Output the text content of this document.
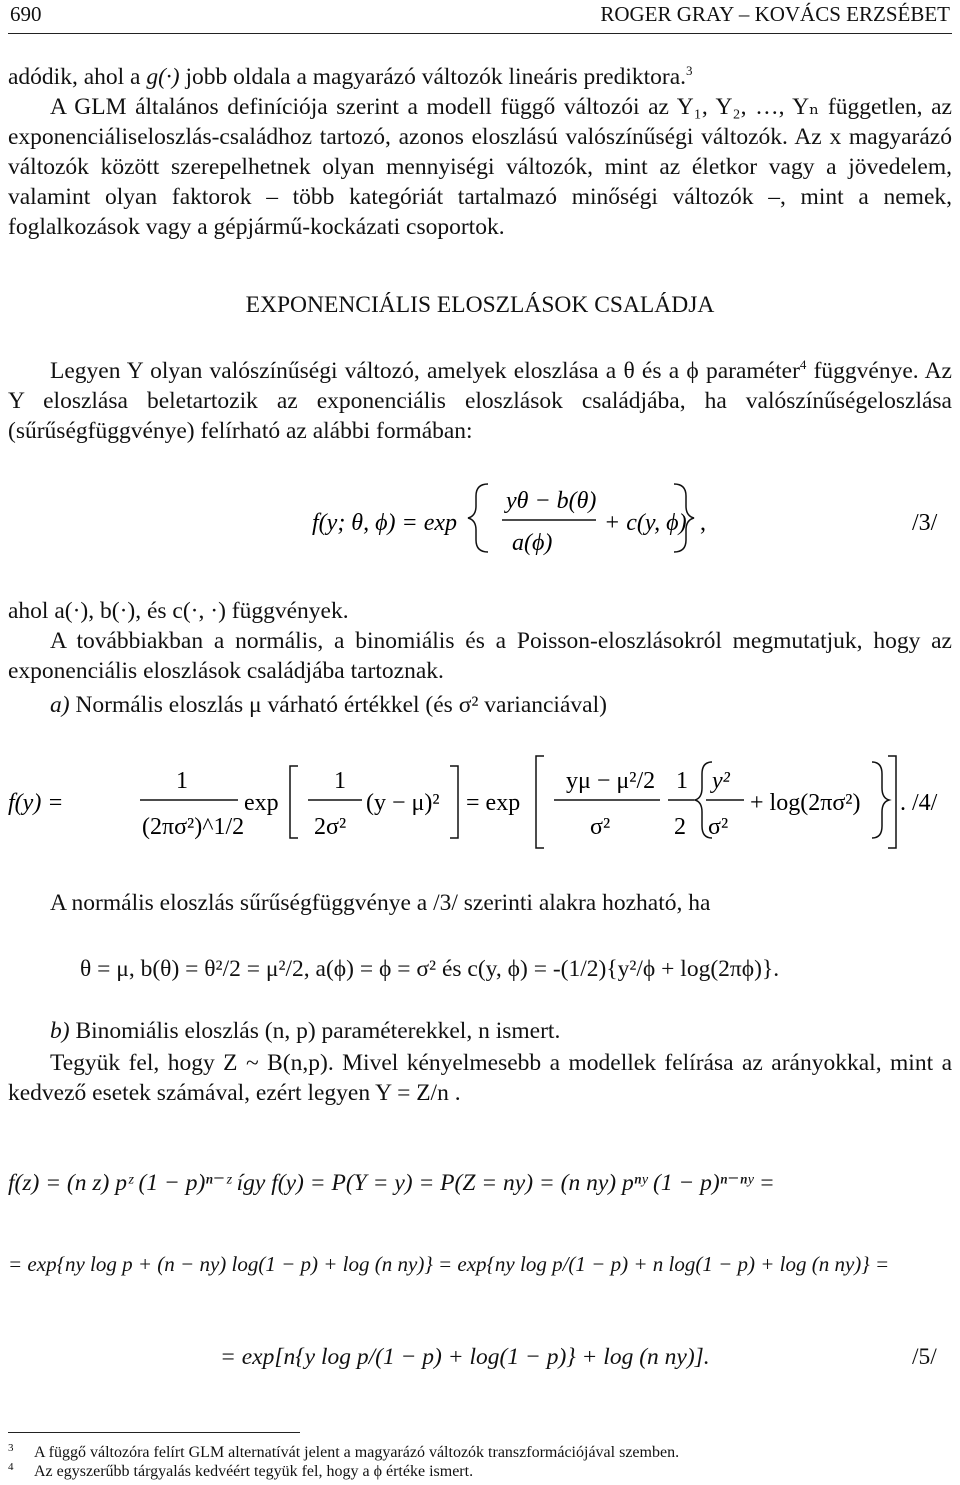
690	ROGER GRAY – KOVÁCS ERZSÉBET

adódik, ahol a g(·) jobb oldala a magyarázó változók lineáris prediktora.$^3$

A GLM általános definíciója szerint a modell függő változói az Y₁, Y₂, …, Yₙ független, az exponenciáliseloszlás-családhoz tartozó, azonos eloszlású valószínűségi változók. Az x magyarázó változók között szerepelhetnek olyan mennyiségi változók, mint az életkor vagy a jövedelem, valamint olyan faktorok – több kategóriát tartalmazó minőségi változók –, mint a nemek, foglalkozások vagy a gépjármű-kockázati csoportok.

EXPONENCIÁLIS ELOSZLÁSOK CSALÁDJA

Legyen Y olyan valószínűségi változó, amelyek eloszlása a θ és a ϕ paraméter$^4$ függvénye. Az Y eloszlása beletartozik az exponenciális eloszlások családjába, ha valószínűségeloszlása (sűrűségfüggvénye) felírható az alábbi formában:

f(y; θ, ϕ) = exp
yθ − b(θ)
a(ϕ)
+ c(y, ϕ) ,	/3/

ahol a(·), b(·), és c(·, ·) függvények.

A továbbiakban a normális, a binomiális és a Poisson-eloszlásokról megmutatjuk, hogy az exponenciális eloszlások családjába tartoznak.

a) Normális eloszlás μ várható értékkel (és σ² varianciával)

f(y) =
1
(2πσ²)^1/2
exp
1
2σ²
(y − μ)² = exp
yμ − μ²/2
σ²
1
2
y²
σ²
+ log(2πσ²) . /4/

A normális eloszlás sűrűségfüggvénye a /3/ szerinti alakra hozható, ha

θ = μ, b(θ) = θ²/2 = μ²/2, a(ϕ) = ϕ = σ² és c(y, ϕ) = -(1/2){y²/ϕ + log(2πϕ)}.

b) Binomiális eloszlás (n, p) paraméterekkel, n ismert.

Tegyük fel, hogy Z ~ B(n,p). Mivel kényelmesebb a modellek felírása az arányokkal, mint a kedvező esetek számával, ezért legyen Y = Z/n .

f(z) = (n z) pᶻ (1 − p)ⁿ⁻ᶻ így f(y) = P(Y = y) = P(Z = ny) = (n ny) pⁿʸ (1 − p)ⁿ⁻ⁿʸ =
= exp{ny log p + (n − ny) log(1 − p) + log (n ny)} = exp{ny log p/(1 − p) + n log(1 − p) + log (n ny)} =
= exp[n{y log p/(1 − p) + log(1 − p)} + log (n ny)].	/5/
3 A függő változóra felírt GLM alternatívát jelent a magyarázó változók transzformációjával szemben.
4 Az egyszerűbb tárgyalás kedvéért tegyük fel, hogy a ϕ értéke ismert.
